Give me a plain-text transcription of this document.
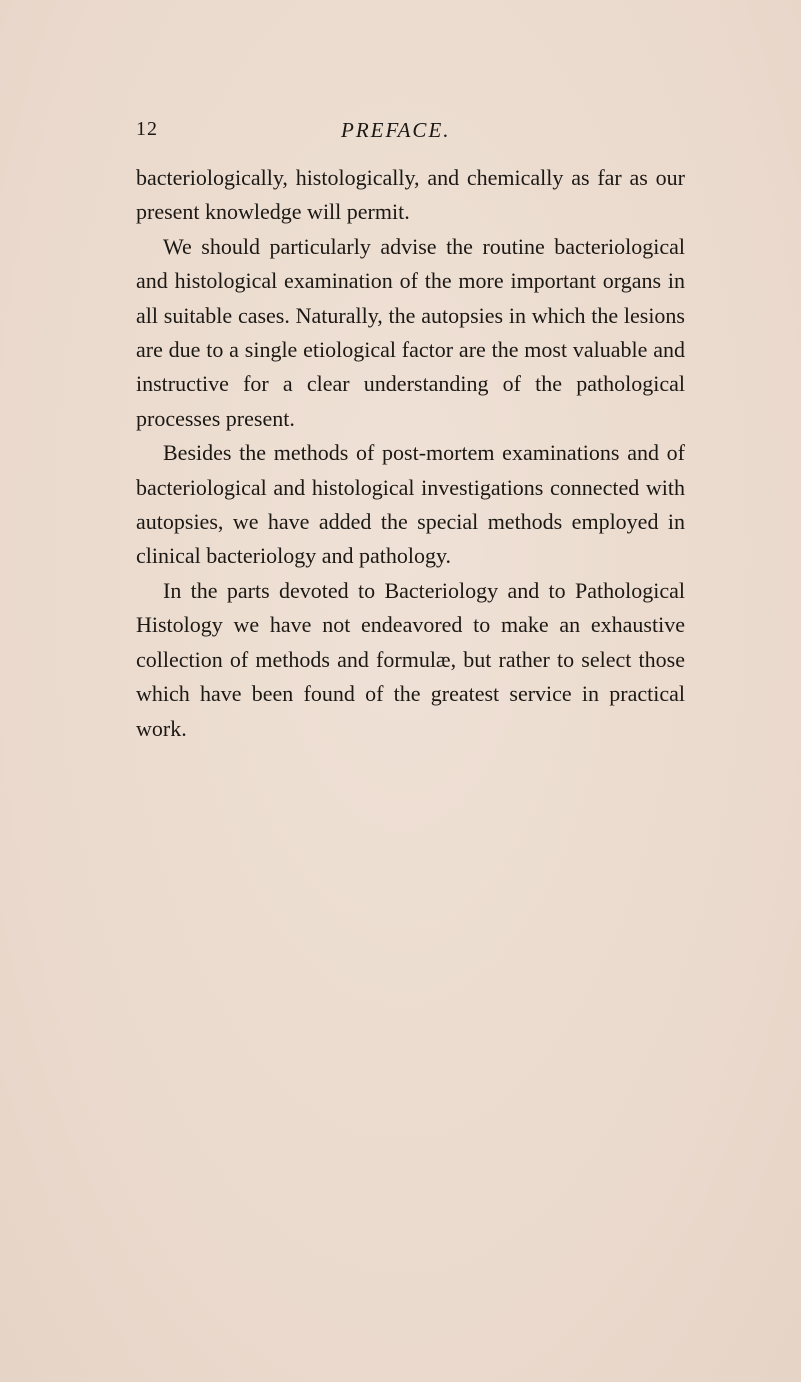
12	PREFACE.

bacteriologically, histologically, and chemically as far as our present knowledge will permit.

We should particularly advise the routine bacteriological and histological examination of the more important organs in all suitable cases. Naturally, the autopsies in which the lesions are due to a single etiological factor are the most valuable and instructive for a clear understanding of the pathological processes present.

Besides the methods of post-mortem examinations and of bacteriological and histological investigations connected with autopsies, we have added the special methods employed in clinical bacteriology and pathology.

In the parts devoted to Bacteriology and to Pathological Histology we have not endeavored to make an exhaustive collection of methods and formulæ, but rather to select those which have been found of the greatest service in practical work.
